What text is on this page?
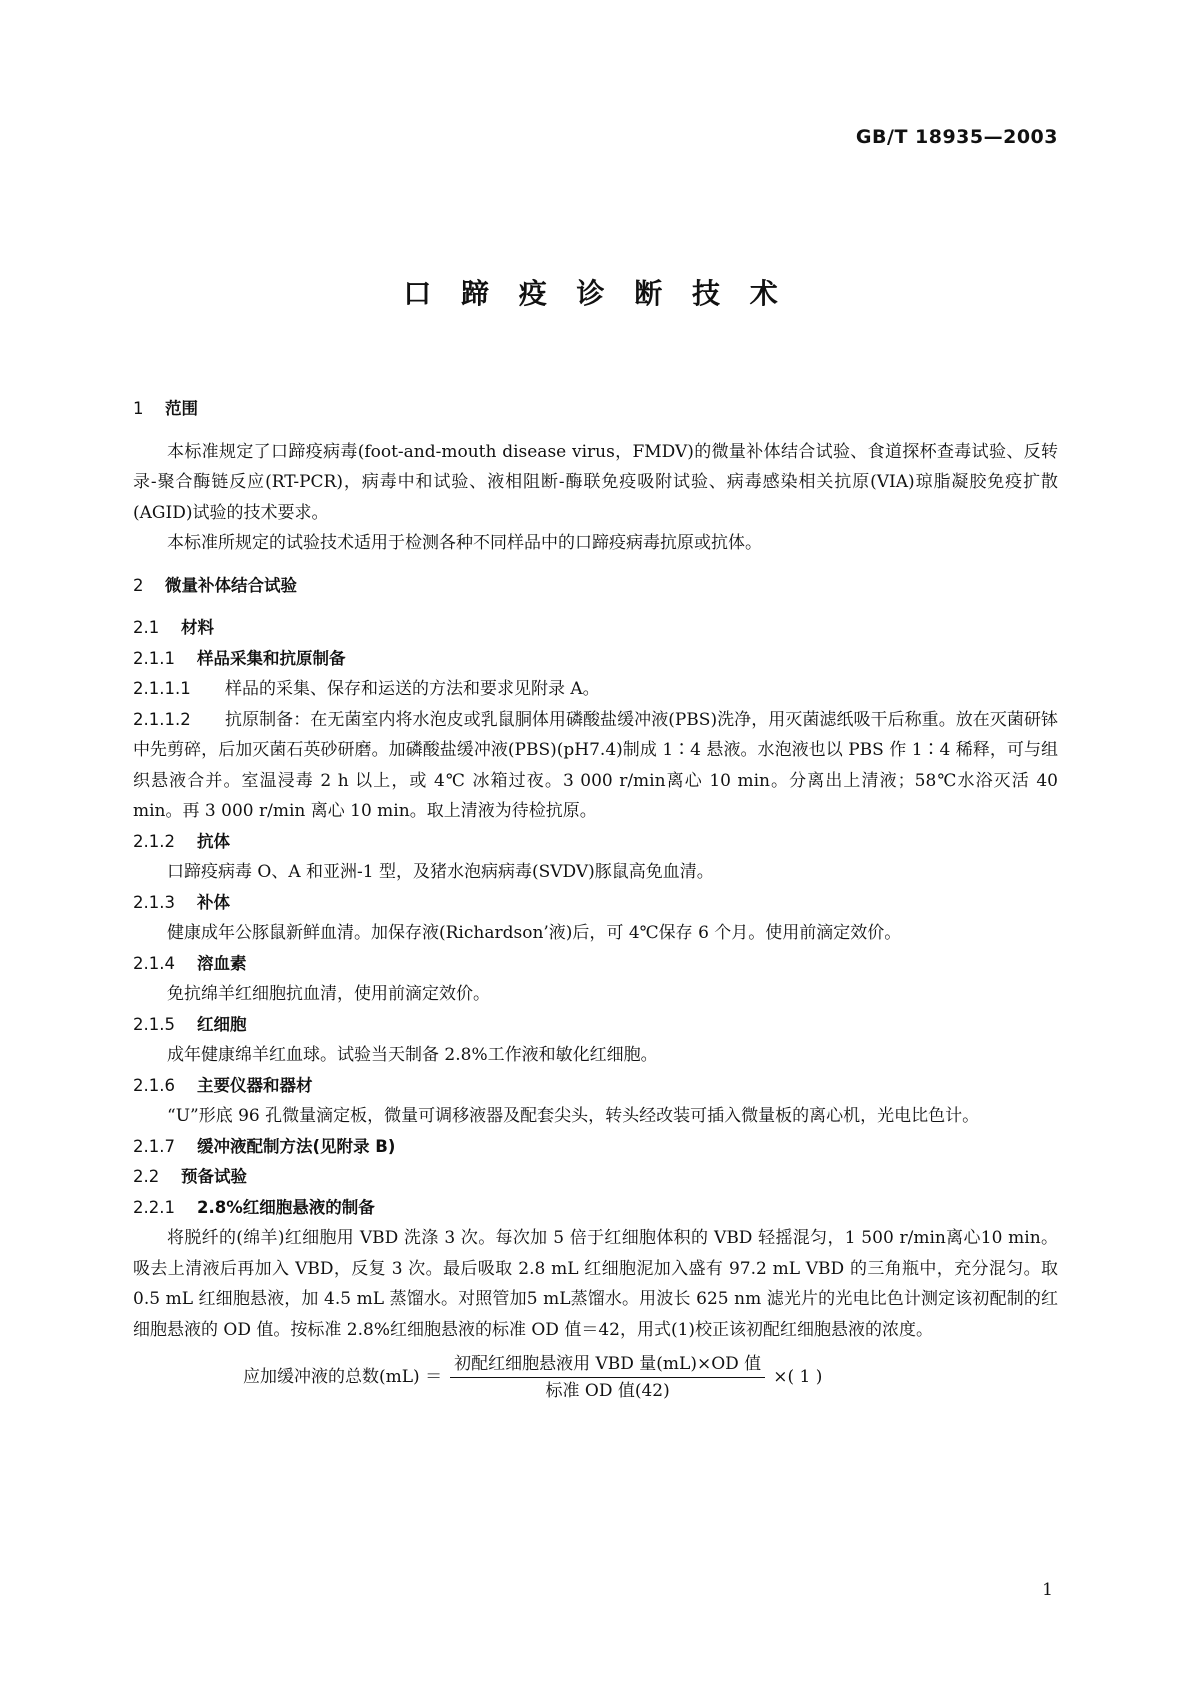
GB/T 18935—2003
口 蹄 疫 诊 断 技 术
1 范围

本标准规定了口蹄疫病毒(foot-and-mouth disease virus，FMDV)的微量补体结合试验、食道探杯查毒试验、反转录-聚合酶链反应(RT-PCR)，病毒中和试验、液相阻断-酶联免疫吸附试验、病毒感染相关抗原(VIA)琼脂凝胶免疫扩散(AGID)试验的技术要求。

本标准所规定的试验技术适用于检测各种不同样品中的口蹄疫病毒抗原或抗体。

2 微量补体结合试验
2.1 材料
2.1.1 样品采集和抗原制备

2.1.1.1 样品的采集、保存和运送的方法和要求见附录 A。

2.1.1.2 抗原制备：在无菌室内将水泡皮或乳鼠胴体用磷酸盐缓冲液(PBS)洗净，用灭菌滤纸吸干后称重。放在灭菌研钵中先剪碎，后加灭菌石英砂研磨。加磷酸盐缓冲液(PBS)(pH7.4)制成 1∶4 悬液。水泡液也以 PBS 作 1∶4 稀释，可与组织悬液合并。室温浸毒 2 h 以上，或 4℃ 冰箱过夜。3 000 r/min离心 10 min。分离出上清液；58℃水浴灭活 40 min。再 3 000 r/min 离心 10 min。取上清液为待检抗原。

2.1.2 抗体

口蹄疫病毒 O、A 和亚洲-1 型，及猪水泡病病毒(SVDV)豚鼠高免血清。

2.1.3 补体

健康成年公豚鼠新鲜血清。加保存液(Richardson’液)后，可 4℃保存 6 个月。使用前滴定效价。

2.1.4 溶血素

免抗绵羊红细胞抗血清，使用前滴定效价。

2.1.5 红细胞

成年健康绵羊红血球。试验当天制备 2.8%工作液和敏化红细胞。

2.1.6 主要仪器和器材

“U”形底 96 孔微量滴定板，微量可调移液器及配套尖头，转头经改装可插入微量板的离心机，光电比色计。

2.1.7 缓冲液配制方法(见附录 B)
2.2 预备试验
2.2.1 2.8%红细胞悬液的制备

将脱纤的(绵羊)红细胞用 VBD 洗涤 3 次。每次加 5 倍于红细胞体积的 VBD 轻摇混匀，1 500 r/min离心10 min。吸去上清液后再加入 VBD，反复 3 次。最后吸取 2.8 mL 红细胞泥加入盛有 97.2 mL VBD 的三角瓶中，充分混匀。取 0.5 mL 红细胞悬液，加 4.5 mL 蒸馏水。对照管加5 mL蒸馏水。用波长 625 nm 滤光片的光电比色计测定该初配制的红细胞悬液的 OD 值。按标准 2.8%红细胞悬液的标准 OD 值＝42，用式(1)校正该初配红细胞悬液的浓度。

应加缓冲液的总数$(mL) = \frac{\text{初配红细胞悬液用 VBD 量(mL)×OD 值}}{\text{标准 OD 值(42)}}$ × ( 1 )
1
